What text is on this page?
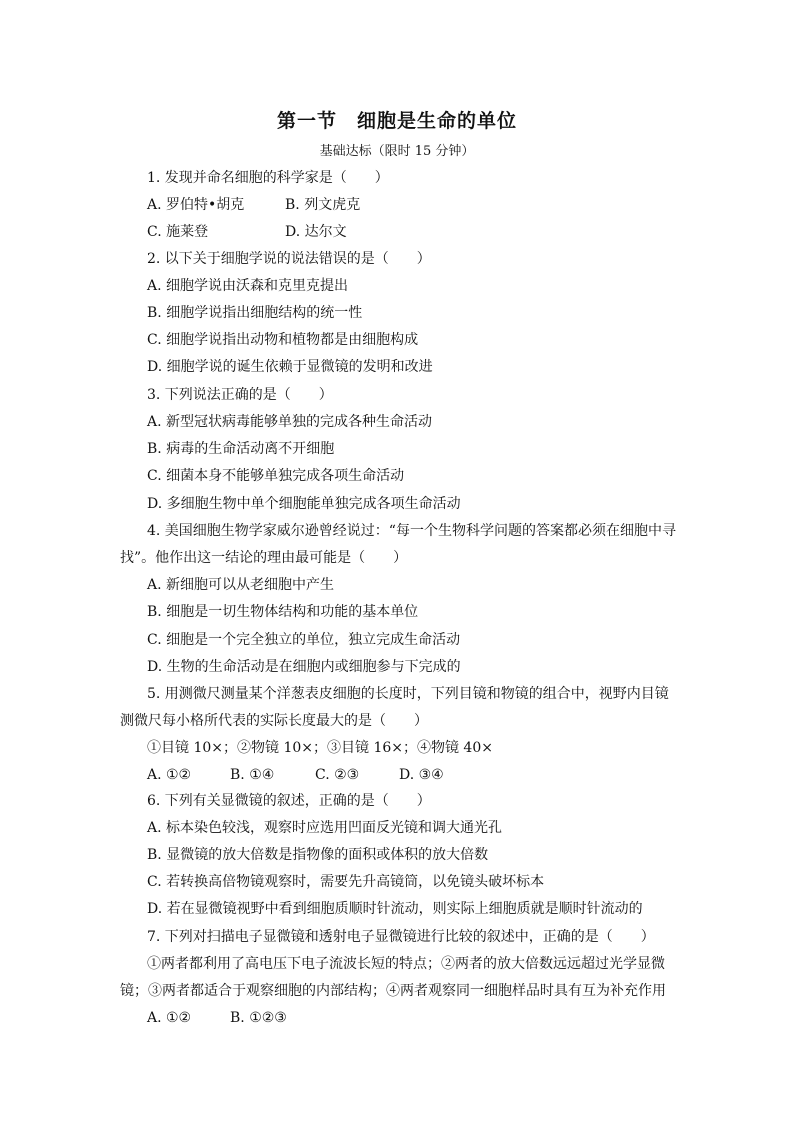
第一节　细胞是生命的单位
基础达标（限时 15 分钟）
1. 发现并命名细胞的科学家是（　　）
A. 罗伯特•胡克	B. 列文虎克
C. 施莱登	D. 达尔文
2. 以下关于细胞学说的说法错误的是（　　）
A. 细胞学说由沃森和克里克提出
B. 细胞学说指出细胞结构的统一性
C. 细胞学说指出动物和植物都是由细胞构成
D. 细胞学说的诞生依赖于显微镜的发明和改进
3. 下列说法正确的是（　　）
A. 新型冠状病毒能够单独的完成各种生命活动
B. 病毒的生命活动离不开细胞
C. 细菌本身不能够单独完成各项生命活动
D. 多细胞生物中单个细胞能单独完成各项生命活动
4. 美国细胞生物学家威尔逊曾经说过：“每一个生物科学问题的答案都必须在细胞中寻
找”。他作出这一结论的理由最可能是（　　）
A. 新细胞可以从老细胞中产生
B. 细胞是一切生物体结构和功能的基本单位
C. 细胞是一个完全独立的单位，独立完成生命活动
D. 生物的生命活动是在细胞内或细胞参与下完成的
5. 用测微尺测量某个洋葱表皮细胞的长度时，下列目镜和物镜的组合中，视野内目镜
测微尺每小格所代表的实际长度最大的是（　　）
①目镜 10×；②物镜 10×；③目镜 16×；④物镜 40×
A. ①②	B. ①④	C. ②③	D. ③④
6. 下列有关显微镜的叙述，正确的是（　　）
A. 标本染色较浅，观察时应选用凹面反光镜和调大通光孔
B. 显微镜的放大倍数是指物像的面积或体积的放大倍数
C. 若转换高倍物镜观察时，需要先升高镜筒，以免镜头破坏标本
D. 若在显微镜视野中看到细胞质顺时针流动，则实际上细胞质就是顺时针流动的
7. 下列对扫描电子显微镜和透射电子显微镜进行比较的叙述中，正确的是（　　）
①两者都利用了高电压下电子流波长短的特点；②两者的放大倍数远远超过光学显微
镜；③两者都适合于观察细胞的内部结构；④两者观察同一细胞样品时具有互为补充作用
A. ①②	B. ①②③
